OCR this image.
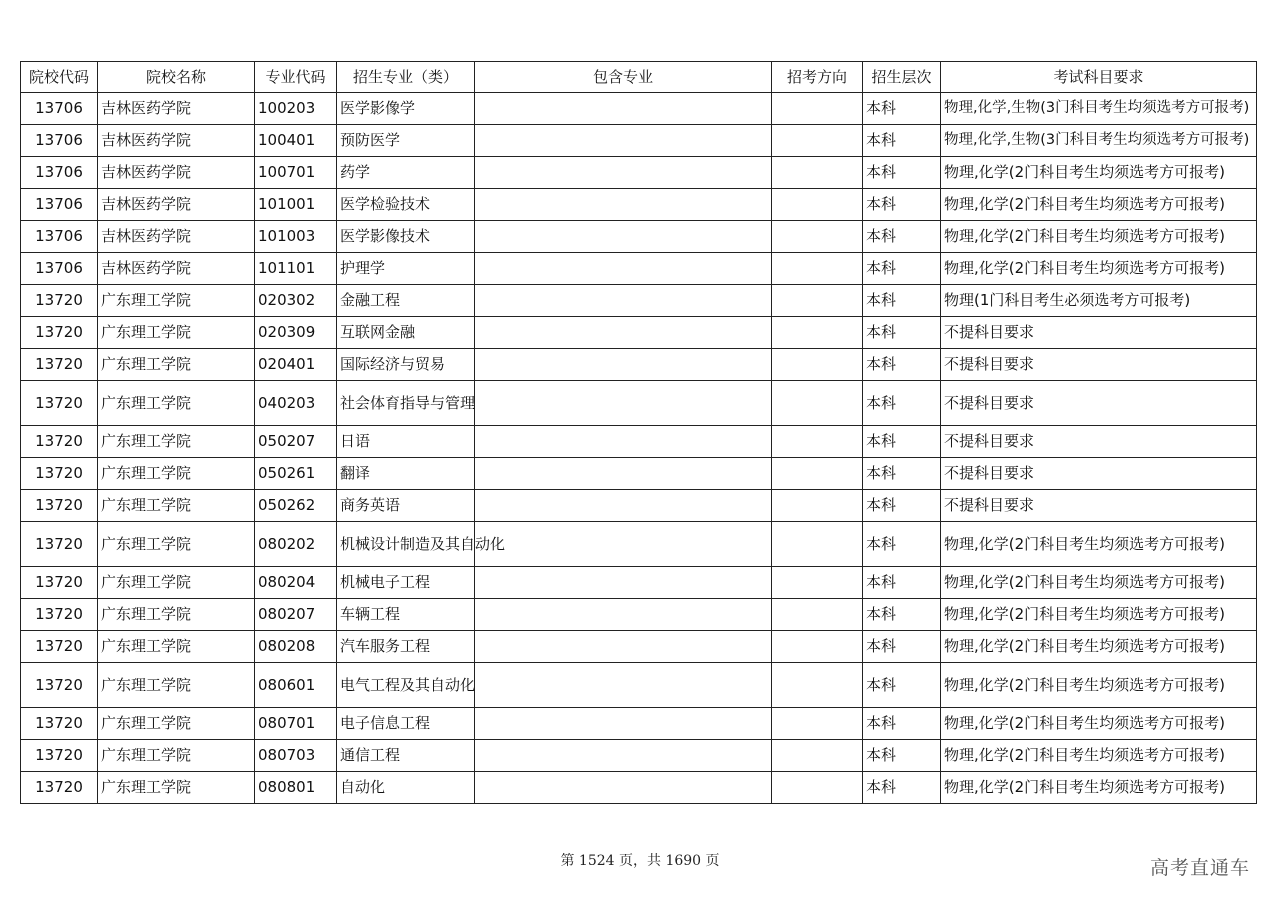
院校代码	院校名称	专业代码	招生专业（类）	包含专业	招考方向	招生层次	考试科目要求
13706	吉林医药学院	100203	医学影像学			本科	物理,化学,生物(3门科目考生均须选考方可报考)
13706	吉林医药学院	100401	预防医学			本科	物理,化学,生物(3门科目考生均须选考方可报考)
13706	吉林医药学院	100701	药学			本科	物理,化学(2门科目考生均须选考方可报考)
13706	吉林医药学院	101001	医学检验技术			本科	物理,化学(2门科目考生均须选考方可报考)
13706	吉林医药学院	101003	医学影像技术			本科	物理,化学(2门科目考生均须选考方可报考)
13706	吉林医药学院	101101	护理学			本科	物理,化学(2门科目考生均须选考方可报考)
13720	广东理工学院	020302	金融工程			本科	物理(1门科目考生必须选考方可报考)
13720	广东理工学院	020309	互联网金融			本科	不提科目要求
13720	广东理工学院	020401	国际经济与贸易			本科	不提科目要求
13720	广东理工学院	040203	社会体育指导与管理			本科	不提科目要求
13720	广东理工学院	050207	日语			本科	不提科目要求
13720	广东理工学院	050261	翻译			本科	不提科目要求
13720	广东理工学院	050262	商务英语			本科	不提科目要求
13720	广东理工学院	080202	机械设计制造及其自动化			本科	物理,化学(2门科目考生均须选考方可报考)
13720	广东理工学院	080204	机械电子工程			本科	物理,化学(2门科目考生均须选考方可报考)
13720	广东理工学院	080207	车辆工程			本科	物理,化学(2门科目考生均须选考方可报考)
13720	广东理工学院	080208	汽车服务工程			本科	物理,化学(2门科目考生均须选考方可报考)
13720	广东理工学院	080601	电气工程及其自动化			本科	物理,化学(2门科目考生均须选考方可报考)
13720	广东理工学院	080701	电子信息工程			本科	物理,化学(2门科目考生均须选考方可报考)
13720	广东理工学院	080703	通信工程			本科	物理,化学(2门科目考生均须选考方可报考)
13720	广东理工学院	080801	自动化			本科	物理,化学(2门科目考生均须选考方可报考)
第 1524 页，共 1690 页	高考直通车
